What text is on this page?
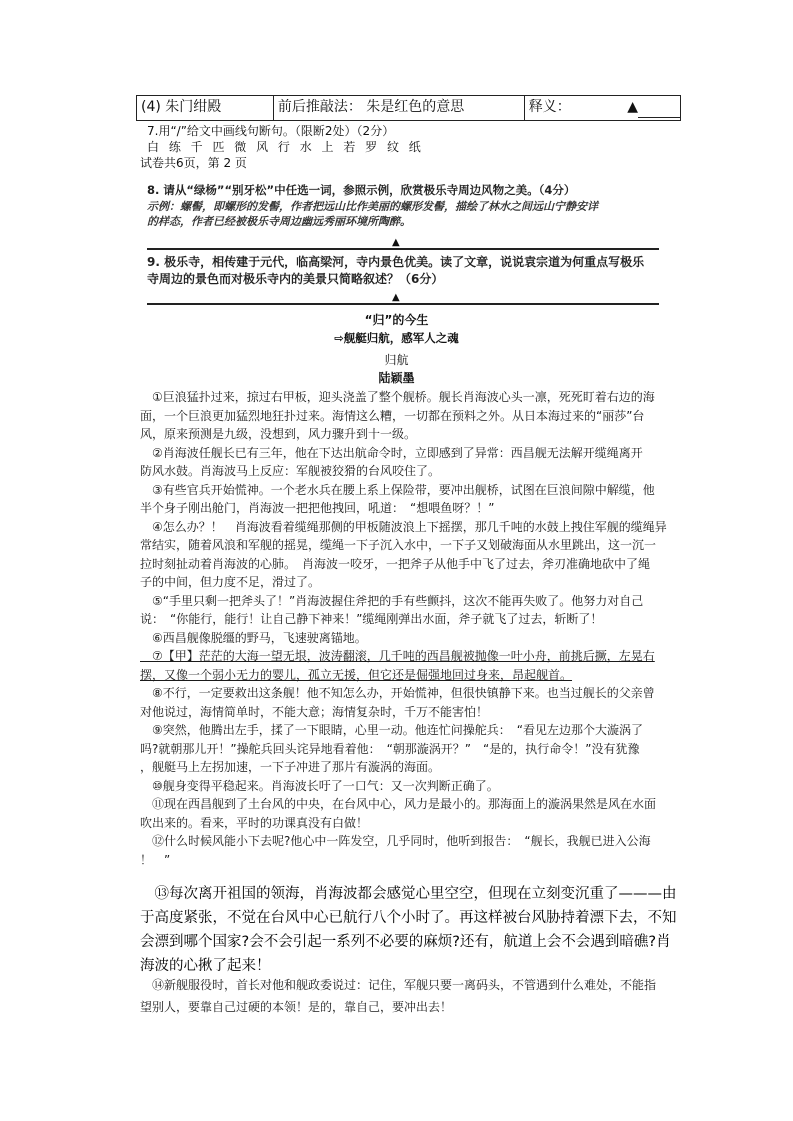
(4) 朱门绀殿	前后推敲法： 朱是红色的意思	释义：	▲
7.用“/”给文中画线句断句。（限断2处）（2分）
白 练 千 匹 微 风 行 水 上 若 罗 纹 纸
试卷共6页，第 2 页
8. 请从“绿杨”“别牙松”中任选一词，参照示例，欣赏极乐寺周边风物之美。（4分）
示例：螺髻，即螺形的发髻，作者把远山比作美丽的螺形发髻，描绘了林水之间远山宁静安详
的样态，作者已经被极乐寺周边幽远秀丽环境所陶醉。
▲
9. 极乐寺，相传建于元代，临高梁河，寺内景色优美。读了文章，说说袁宗道为何重点写极乐
寺周边的景色而对极乐寺内的美景只简略叙述？（6分）
▲
“归”的今生
⇨舰艇归航，感军人之魂
归航
陆颖墨
　①巨浪猛扑过来，掠过右甲板，迎头浇盖了整个舰桥。舰长肖海波心头一凛，死死盯着右边的海
面，一个巨浪更加猛烈地狂扑过来。海情这么糟，一切都在预料之外。从日本海过来的“丽莎”台
风，原来预测是九级，没想到，风力骤升到十一级。
　②肖海波任舰长已有三年，他在下达出航命令时，立即感到了异常：西昌舰无法解开缆绳离开
防风水鼓。肖海波马上反应：军舰被狡猾的台风咬住了。
　③有些官兵开始慌神。一个老水兵在腰上系上保险带，要冲出舰桥，试图在巨浪间隙中解缆，他
半个身子刚出舱门，肖海波一把把他拽回，吼道：　“想喂鱼呀？！”
　④怎么办？！　肖海波看着缆绳那侧的甲板随波浪上下摇摆，那几千吨的水鼓上拽住军舰的缆绳异
常结实，随着风浪和军舰的摇晃，缆绳一下子沉入水中，一下子又划破海面从水里跳出，这一沉一
拉时刻扯动着肖海波的心肺。　肖海波一咬牙，一把斧子从他手中飞了过去，斧刃准确地砍中了绳
子的中间，但力度不足，滑过了。
　⑤“手里只剩一把斧头了！”肖海波握住斧把的手有些颤抖，这次不能再失败了。他努力对自己
说：　“你能行，能行！让自己静下神来！”缆绳刚弹出水面，斧子就飞了过去，斩断了！
　⑥西昌舰像脱缰的野马，飞速驶离锚地。
　⑦【甲】茫茫的大海一望无垠，波涛翻滚，几千吨的西昌舰被抛像一叶小舟，前挑后撅，左晃右
摆，又像一个弱小无力的婴儿，孤立无援，但它还是倔强地回过身来，昂起舰首。
　⑧不行，一定要救出这条舰！他不知怎么办，开始慌神，但很快镇静下来。也当过舰长的父亲曾
对他说过，海情简单时，不能大意；海情复杂时，千万不能害怕！
　⑨突然，他腾出左手，揉了一下眼睛，心里一动。他连忙问操舵兵：　“看见左边那个大漩涡了
吗?就朝那儿开！”操舵兵回头诧异地看着他：　“朝那漩涡开？”　“是的，执行命令！”没有犹豫
，舰艇马上左拐加速，一下子冲进了那片有漩涡的海面。
　⑩舰身变得平稳起来。肖海波长吁了一口气：又一次判断正确了。
　⑪现在西昌舰到了土台风的中央，在台风中心，风力是最小的。那海面上的漩涡果然是风在水面
吹出来的。看来，平时的功课真没有白做！
　⑫什么时候风能小下去呢?他心中一阵发空，几乎同时，他听到报告：　“舰长，我舰已进入公海
！　”
　⑬每次离开祖国的领海，肖海波都会感觉心里空空，但现在立刻变沉重了———由
于高度紧张，不觉在台风中心已航行八个小时了。再这样被台风胁持着漂下去，不知
会漂到哪个国家?会不会引起一系列不必要的麻烦?还有，航道上会不会遇到暗礁?肖
海波的心揪了起来！
　⑭新舰服役时，首长对他和舰政委说过：记住，军舰只要一离码头，不管遇到什么难处，不能指
望别人，要靠自己过硬的本领！是的，靠自己，要冲出去！
